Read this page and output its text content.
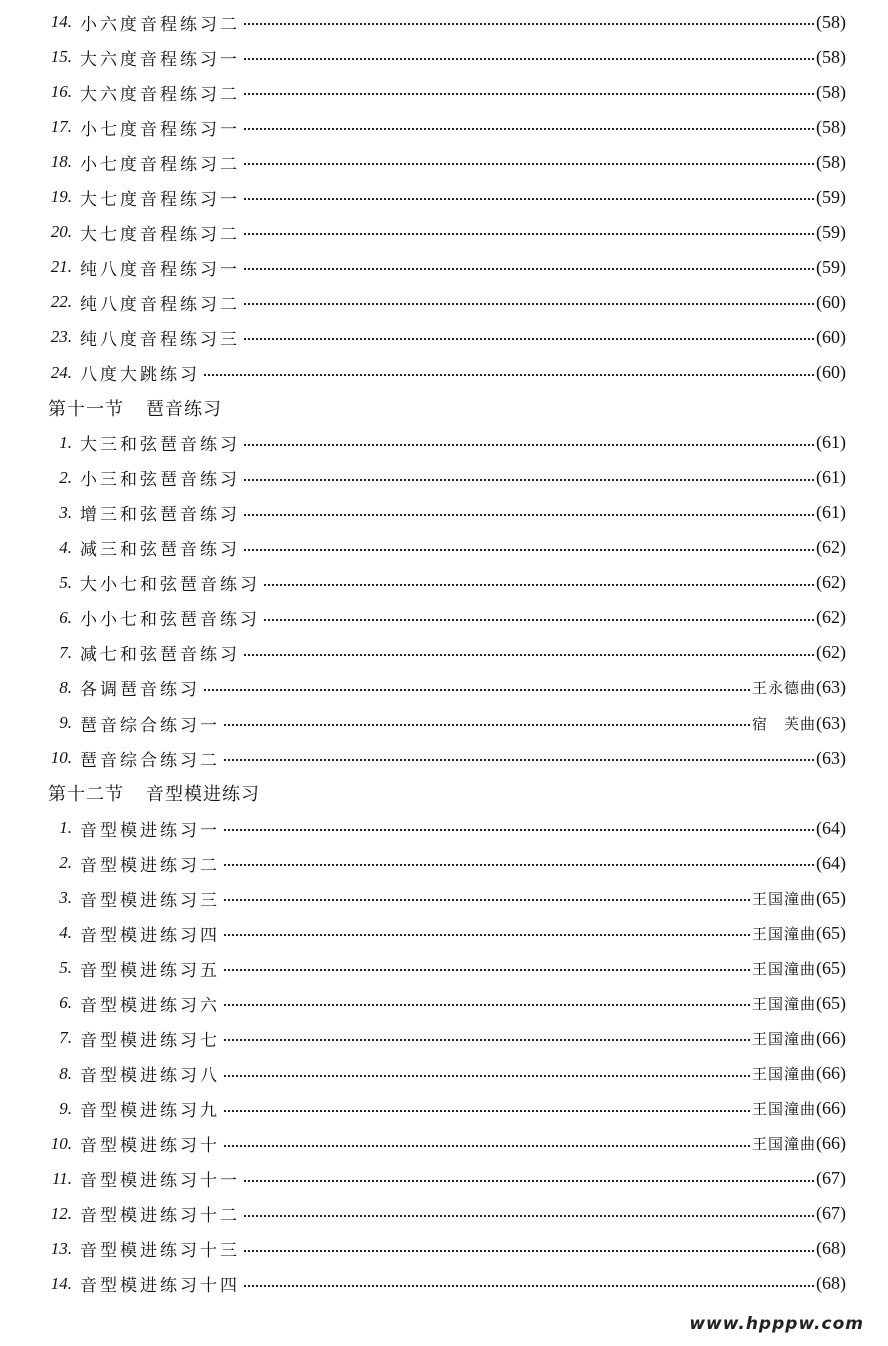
14. 小六度音程练习二	(58)
15. 大六度音程练习一	(58)
16. 大六度音程练习二	(58)
17. 小七度音程练习一	(58)
18. 小七度音程练习二	(58)
19. 大七度音程练习一	(59)
20. 大七度音程练习二	(59)
21. 纯八度音程练习一	(59)
22. 纯八度音程练习二	(60)
23. 纯八度音程练习三	(60)
24. 八度大跳练习	(60)
第十一节 琶音练习
1. 大三和弦琶音练习	(61)
2. 小三和弦琶音练习	(61)
3. 增三和弦琶音练习	(61)
4. 减三和弦琶音练习	(62)
5. 大小七和弦琶音练习	(62)
6. 小小七和弦琶音练习	(62)
7. 减七和弦琶音练习	(62)
8. 各调琶音练习	王永德曲 (63)
9. 琶音综合练习一	宿　芙曲 (63)
10. 琶音综合练习二	(63)
第十二节 音型模进练习
1. 音型模进练习一	(64)
2. 音型模进练习二	(64)
3. 音型模进练习三	王国潼曲 (65)
4. 音型模进练习四	王国潼曲 (65)
5. 音型模进练习五	王国潼曲 (65)
6. 音型模进练习六	王国潼曲 (65)
7. 音型模进练习七	王国潼曲 (66)
8. 音型模进练习八	王国潼曲 (66)
9. 音型模进练习九	王国潼曲 (66)
10. 音型模进练习十	王国潼曲 (66)
11. 音型模进练习十一	(67)
12. 音型模进练习十二	(67)
13. 音型模进练习十三	(68)
14. 音型模进练习十四	(68)
www.hpppw.com
